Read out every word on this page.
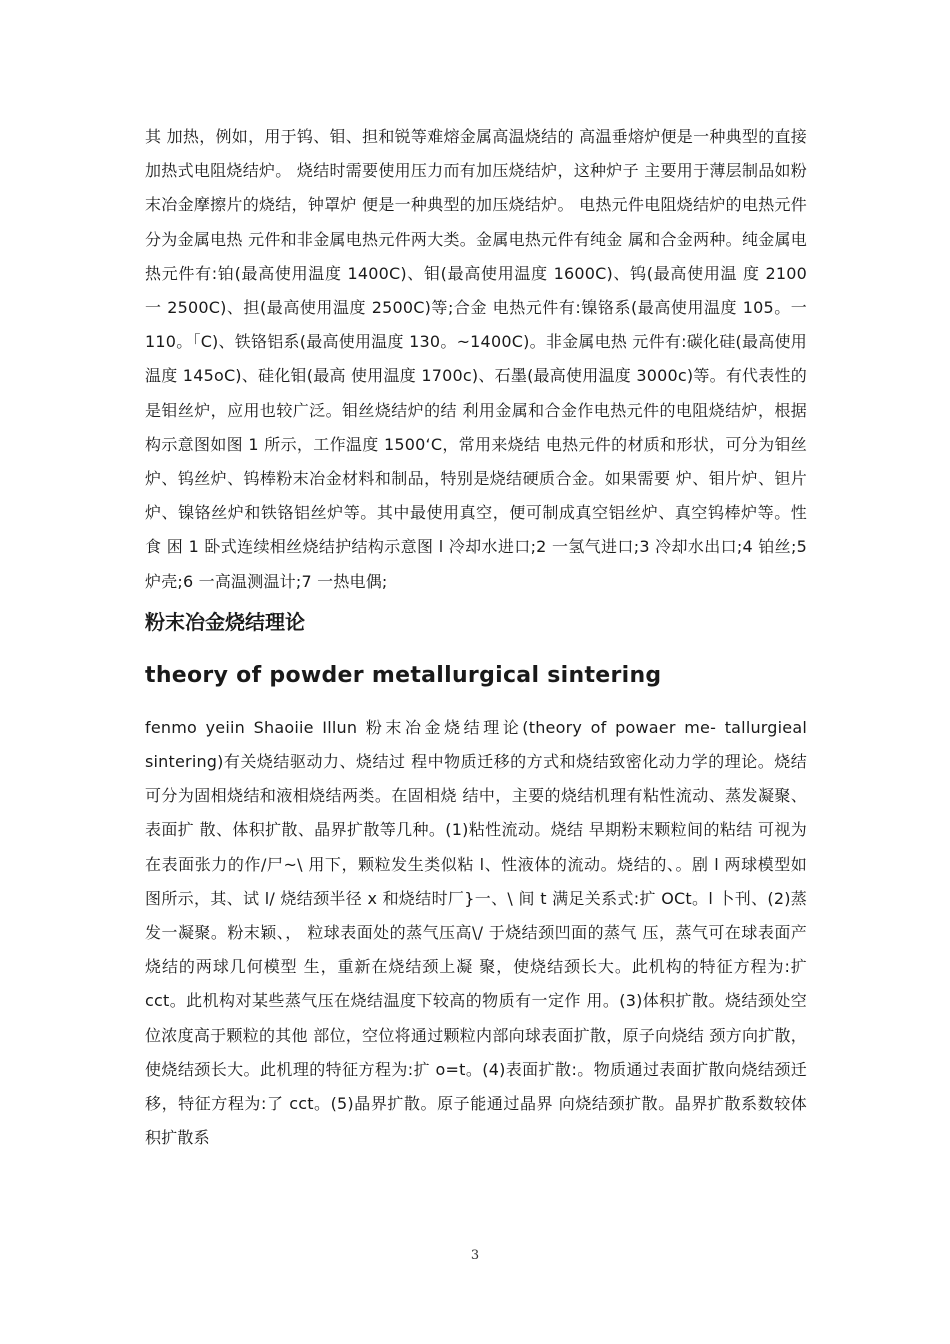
其 加热，例如，用于钨、钼、担和锐等难熔金属高温烧结的 高温垂熔炉便是一种典型的直接加热式电阻烧结炉。 烧结时需要使用压力而有加压烧结炉，这种炉子 主要用于薄层制品如粉末冶金摩擦片的烧结，钟罩炉 便是一种典型的加压烧结炉。 电热元件电阻烧结炉的电热元件分为金属电热 元件和非金属电热元件两大类。金属电热元件有纯金 属和合金两种。纯金属电热元件有:铂(最高使用温度 1400C)、钼(最高使用温度 1600C)、钨(最高使用温 度 2100 一 2500C)、担(最高使用温度 2500C)等;合金 电热元件有:镍铬系(最高使用温度 105。一 110。「C)、铁铬铝系(最高使用温度 130。~1400C)。非金属电热 元件有:碳化硅(最高使用温度 145oC)、硅化钼(最高 使用温度 1700c)、石墨(最高使用温度 3000c)等。有代表性的是钼丝炉，应用也较广泛。钼丝烧结炉的结 利用金属和合金作电热元件的电阻烧结炉，根据构示意图如图 1 所示，工作温度 1500‘C，常用来烧结 电热元件的材质和形状，可分为钼丝炉、钨丝炉、钨棒粉末冶金材料和制品，特别是烧结硬质合金。如果需要 炉、钼片炉、钽片炉、镍铬丝炉和铁铬铝丝炉等。其中最使用真空，便可制成真空铝丝炉、真空钨棒炉等。性食 困 1 卧式连续相丝烧结护结构示意图 l 冷却水进口;2 一氢气进口;3 冷却水出口;4 铂丝;5 炉壳;6 一高温测温计;7 一热电偶;

粉末冶金烧结理论
theory of powder metallurgical sintering

fenmo yeiin Shaoiie Illun 粉末冶金烧结理论(theory of powaer me- tallurgieal sintering)有关烧结驱动力、烧结过 程中物质迁移的方式和烧结致密化动力学的理论。烧结可分为固相烧结和液相烧结两类。在固相烧 结中，主要的烧结机理有粘性流动、蒸发凝聚、表面扩 散、体积扩散、晶界扩散等几种。(1)粘性流动。烧结 早期粉末颗粒间的粘结 可视为在表面张力的作/尸~\ 用下，颗粒发生类似粘 l、性液体的流动。烧结的、。剧 l 两球模型如图所示，其、试 l/ 烧结颈半径 x 和烧结时厂}一、\ 间 t 满足关系式:扩 OCt。l 卜刊、(2)蒸发一凝聚。粉末颖、， 粒球表面处的蒸气压高\/ 于烧结颈凹面的蒸气 压，蒸气可在球表面产烧结的两球几何模型 生，重新在烧结颈上凝 聚，使烧结颈长大。此机构的特征方程为:扩 cct。此机构对某些蒸气压在烧结温度下较高的物质有一定作 用。(3)体积扩散。烧结颈处空位浓度高于颗粒的其他 部位，空位将通过颗粒内部向球表面扩散，原子向烧结 颈方向扩散，使烧结颈长大。此机理的特征方程为:扩 o=t。(4)表面扩散:。物质通过表面扩散向烧结颈迁移，特征方程为:了 cct。(5)晶界扩散。原子能通过晶界 向烧结颈扩散。晶界扩散系数较体积扩散系

3
